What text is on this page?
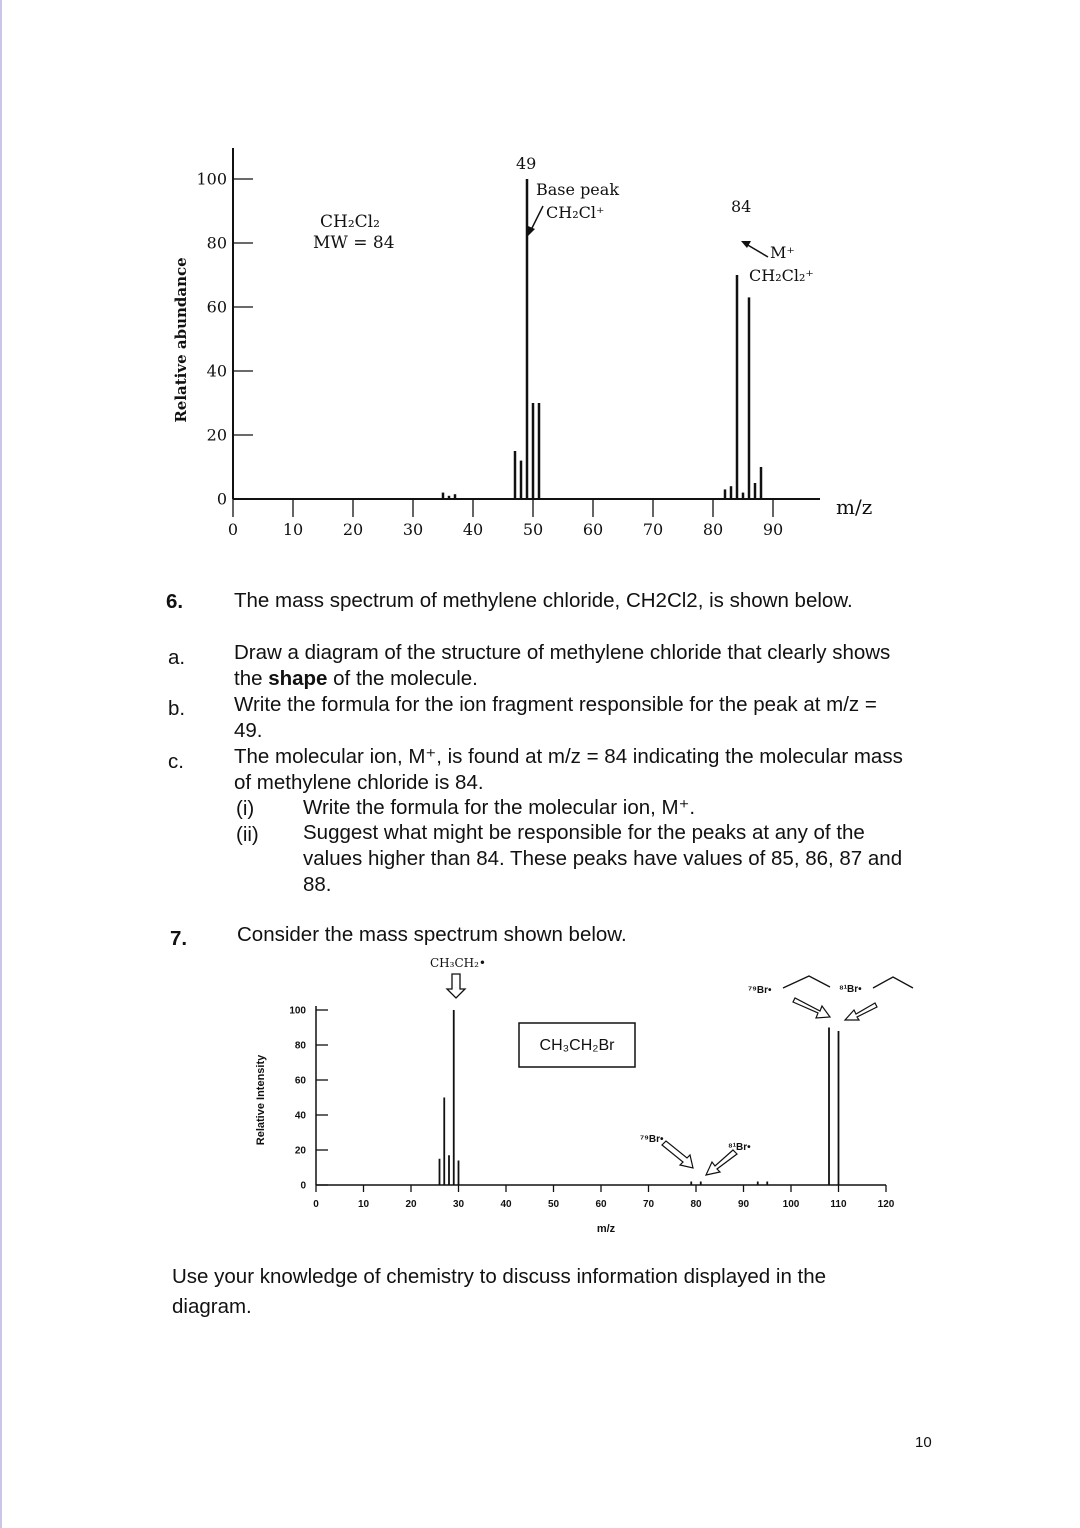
Relative abundance
m/z
CH₂Cl₂
MW = 84
49
Base peak
CH₂Cl⁺	84
M⁺
CH₂Cl₂⁺
0
20
40
60
80
100
0	10 20 30 40 50 60 70 80 90
6. The mass spectrum of methylene chloride, CH2Cl2, is shown below.
a. Draw a diagram of the structure of methylene chloride that clearly shows the shape of the molecule.
b. Write the formula for the ion fragment responsible for the peak at m/z = 49.
c. The molecular ion, M⁺, is found at m/z = 84 indicating the molecular mass of methylene chloride is 84.
(i) Write the formula for the molecular ion, M⁺.
(ii) Suggest what might be responsible for the peaks at any of the values higher than 84. These peaks have values of 85, 86, 87 and 88.
7. Consider the mass spectrum shown below.
Relative Intensity
m/z
CH₃CH₂•
CH₃CH₂Br
⁷⁹Br•	⁸¹Br•
⁷⁹Br•
⁸¹Br•
0
20
40
60
80
100
0	10	20	30	40	50	60	70	80	90	100	110	120
Use your knowledge of chemistry to discuss information displayed in the diagram.
10
